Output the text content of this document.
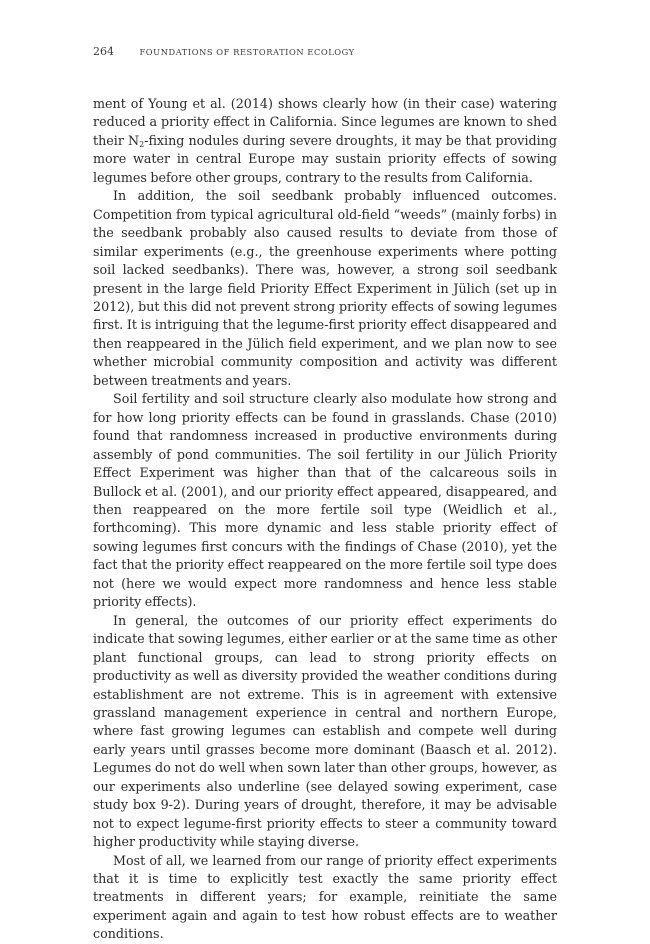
264	FOUNDATIONS OF RESTORATION ECOLOGY

ment of Young et al. (2014) shows clearly how (in their case) watering reduced a priority effect in California. Since legumes are known to shed their $N_2$-fixing nodules during severe droughts, it may be that providing more water in central Europe may sustain priority effects of sowing legumes before other groups, contrary to the results from California.

In addition, the soil seedbank probably influenced outcomes. Competition from typical agricultural old-field “weeds” (mainly forbs) in the seedbank probably also caused results to deviate from those of similar experiments (e.g., the greenhouse experiments where potting soil lacked seedbanks). There was, however, a strong soil seedbank present in the large field Priority Effect Experiment in Jülich (set up in 2012), but this did not prevent strong priority effects of sowing legumes first. It is intriguing that the legume-first priority effect disappeared and then reappeared in the Jülich field experiment, and we plan now to see whether microbial community composition and activity was different between treatments and years.

Soil fertility and soil structure clearly also modulate how strong and for how long priority effects can be found in grasslands. Chase (2010) found that randomness increased in productive environments during assembly of pond communities. The soil fertility in our Jülich Priority Effect Experiment was higher than that of the calcareous soils in Bullock et al. (2001), and our priority effect appeared, disappeared, and then reappeared on the more fertile soil type (Weidlich et al., forthcoming). This more dynamic and less stable priority effect of sowing legumes first concurs with the findings of Chase (2010), yet the fact that the priority effect reappeared on the more fertile soil type does not (here we would expect more randomness and hence less stable priority effects).

In general, the outcomes of our priority effect experiments do indicate that sowing legumes, either earlier or at the same time as other plant functional groups, can lead to strong priority effects on productivity as well as diversity provided the weather conditions during establishment are not extreme. This is in agreement with extensive grassland management experience in central and northern Europe, where fast growing legumes can establish and compete well during early years until grasses become more dominant (Baasch et al. 2012). Legumes do not do well when sown later than other groups, however, as our experiments also underline (see delayed sowing experiment, case study box 9-2). During years of drought, therefore, it may be advisable not to expect legume-first priority effects to steer a community toward higher productivity while staying diverse.

Most of all, we learned from our range of priority effect experiments that it is time to explicitly test exactly the same priority effect treatments in different years; for example, reinitiate the same experiment again and again to test how robust effects are to weather conditions.
